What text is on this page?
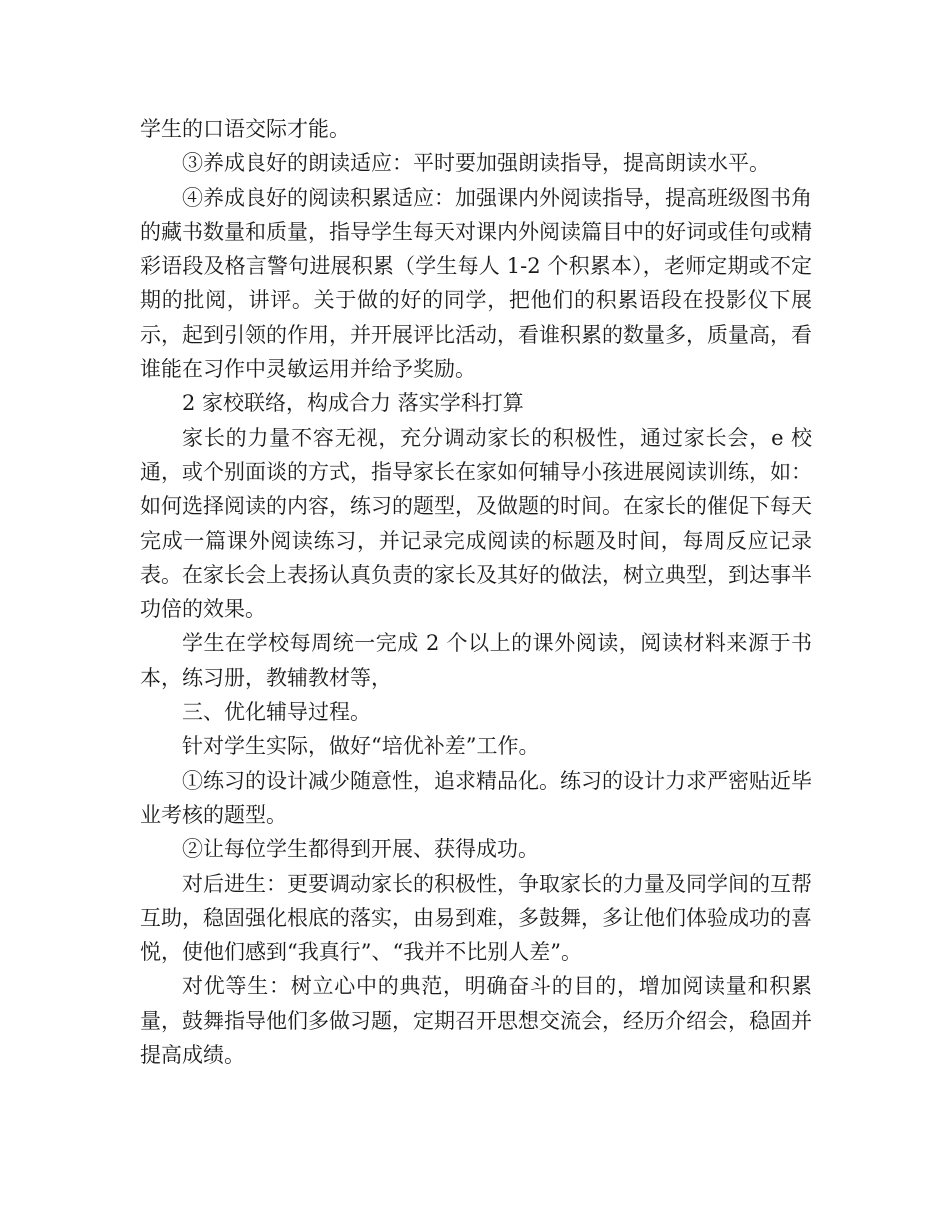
学生的口语交际才能。

③养成良好的朗读适应：平时要加强朗读指导，提高朗读水平。

④养成良好的阅读积累适应：加强课内外阅读指导，提高班级图书角的藏书数量和质量，指导学生每天对课内外阅读篇目中的好词或佳句或精彩语段及格言警句进展积累（学生每人 1-2 个积累本），老师定期或不定期的批阅，讲评。关于做的好的同学，把他们的积累语段在投影仪下展示，起到引领的作用，并开展评比活动，看谁积累的数量多，质量高，看谁能在习作中灵敏运用并给予奖励。

2 家校联络，构成合力 落实学科打算

家长的力量不容无视，充分调动家长的积极性，通过家长会，e 校通，或个别面谈的方式，指导家长在家如何辅导小孩进展阅读训练，如：如何选择阅读的内容，练习的题型，及做题的时间。在家长的催促下每天完成一篇课外阅读练习，并记录完成阅读的标题及时间，每周反应记录表。在家长会上表扬认真负责的家长及其好的做法，树立典型，到达事半功倍的效果。

学生在学校每周统一完成 2 个以上的课外阅读，阅读材料来源于书本，练习册，教辅教材等，

三、优化辅导过程。

针对学生实际，做好“培优补差”工作。

①练习的设计减少随意性，追求精品化。练习的设计力求严密贴近毕业考核的题型。

②让每位学生都得到开展、获得成功。

对后进生：更要调动家长的积极性，争取家长的力量及同学间的互帮互助，稳固强化根底的落实，由易到难，多鼓舞，多让他们体验成功的喜悦，使他们感到“我真行”、“我并不比别人差”。

对优等生：树立心中的典范，明确奋斗的目的，增加阅读量和积累量，鼓舞指导他们多做习题，定期召开思想交流会，经历介绍会，稳固并提高成绩。
